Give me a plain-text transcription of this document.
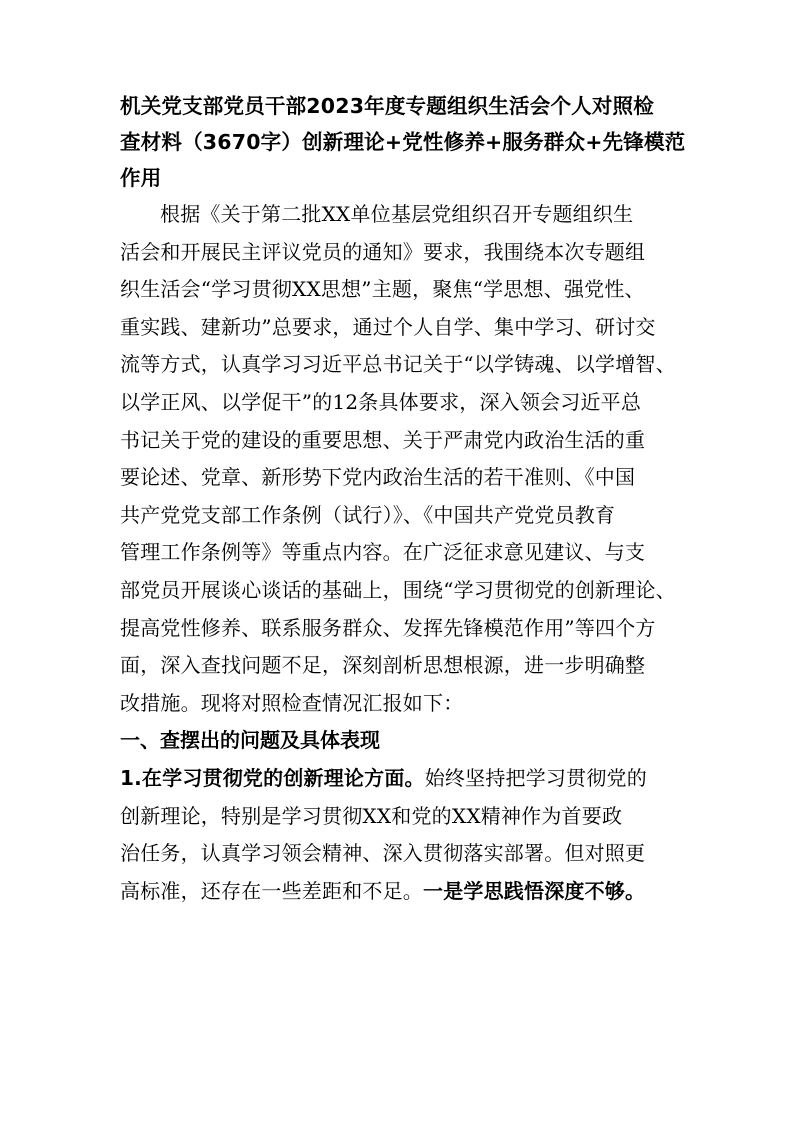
机关党支部党员干部2023年度专题组织生活会个人对照检
查材料（3670字）创新理论+党性修养+服务群众+先锋模范
作用

根据《关于第二批XX单位基层党组织召开专题组织生
活会和开展民主评议党员的通知》要求，我围绕本次专题组
织生活会“学习贯彻XX思想”主题，聚焦“学思想、强党性、
重实践、建新功”总要求，通过个人自学、集中学习、研讨交
流等方式，认真学习习近平总书记关于“以学铸魂、以学增智、
以学正风、以学促干”的12条具体要求，深入领会习近平总
书记关于党的建设的重要思想、关于严肃党内政治生活的重
要论述、党章、新形势下党内政治生活的若干准则、《中国
共产党党支部工作条例（试行）》、《中国共产党党员教育
管理工作条例等》等重点内容。在广泛征求意见建议、与支
部党员开展谈心谈话的基础上，围绕“学习贯彻党的创新理论、
提高党性修养、联系服务群众、发挥先锋模范作用”等四个方
面，深入查找问题不足，深刻剖析思想根源，进一步明确整
改措施。现将对照检查情况汇报如下：

一、查摆出的问题及具体表现

1.在学习贯彻党的创新理论方面。始终坚持把学习贯彻党的
创新理论，特别是学习贯彻XX和党的XX精神作为首要政
治任务，认真学习领会精神、深入贯彻落实部署。但对照更
高标准，还存在一些差距和不足。一是学思践悟深度不够。
